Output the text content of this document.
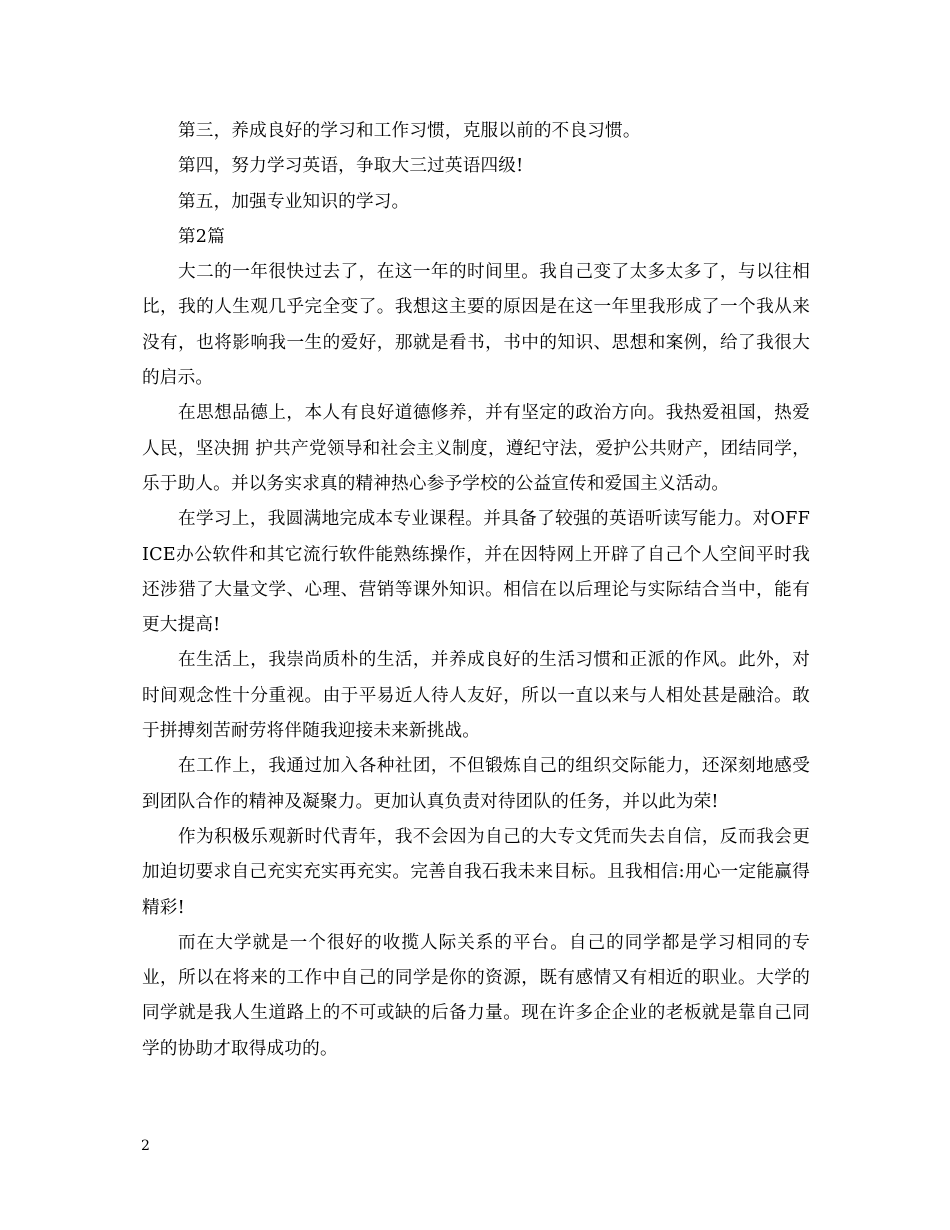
第三，养成良好的学习和工作习惯，克服以前的不良习惯。

第四，努力学习英语，争取大三过英语四级!

第五，加强专业知识的学习。

第2篇

大二的一年很快过去了，在这一年的时间里。我自己变了太多太多了，与以往相比，我的人生观几乎完全变了。我想这主要的原因是在这一年里我形成了一个我从来没有，也将影响我一生的爱好，那就是看书，书中的知识、思想和案例，给了我很大的启示。

在思想品德上，本人有良好道德修养，并有坚定的政治方向。我热爱祖国，热爱人民，坚决拥 护共产党领导和社会主义制度，遵纪守法，爱护公共财产，团结同学，乐于助人。并以务实求真的精神热心参予学校的公益宣传和爱国主义活动。

在学习上，我圆满地完成本专业课程。并具备了较强的英语听读写能力。对OFFICE办公软件和其它流行软件能熟练操作，并在因特网上开辟了自己个人空间平时我还涉猎了大量文学、心理、营销等课外知识。相信在以后理论与实际结合当中，能有更大提高!

在生活上，我崇尚质朴的生活，并养成良好的生活习惯和正派的作风。此外，对时间观念性十分重视。由于平易近人待人友好，所以一直以来与人相处甚是融洽。敢于拼搏刻苦耐劳将伴随我迎接未来新挑战。

在工作上，我通过加入各种社团，不但锻炼自己的组织交际能力，还深刻地感受到团队合作的精神及凝聚力。更加认真负责对待团队的任务，并以此为荣!

作为积极乐观新时代青年，我不会因为自己的大专文凭而失去自信，反而我会更加迫切要求自己充实充实再充实。完善自我石我未来目标。且我相信:用心一定能赢得精彩!

而在大学就是一个很好的收揽人际关系的平台。自己的同学都是学习相同的专业，所以在将来的工作中自己的同学是你的资源，既有感情又有相近的职业。大学的同学就是我人生道路上的不可或缺的后备力量。现在许多企企业的老板就是靠自己同学的协助才取得成功的。

2
